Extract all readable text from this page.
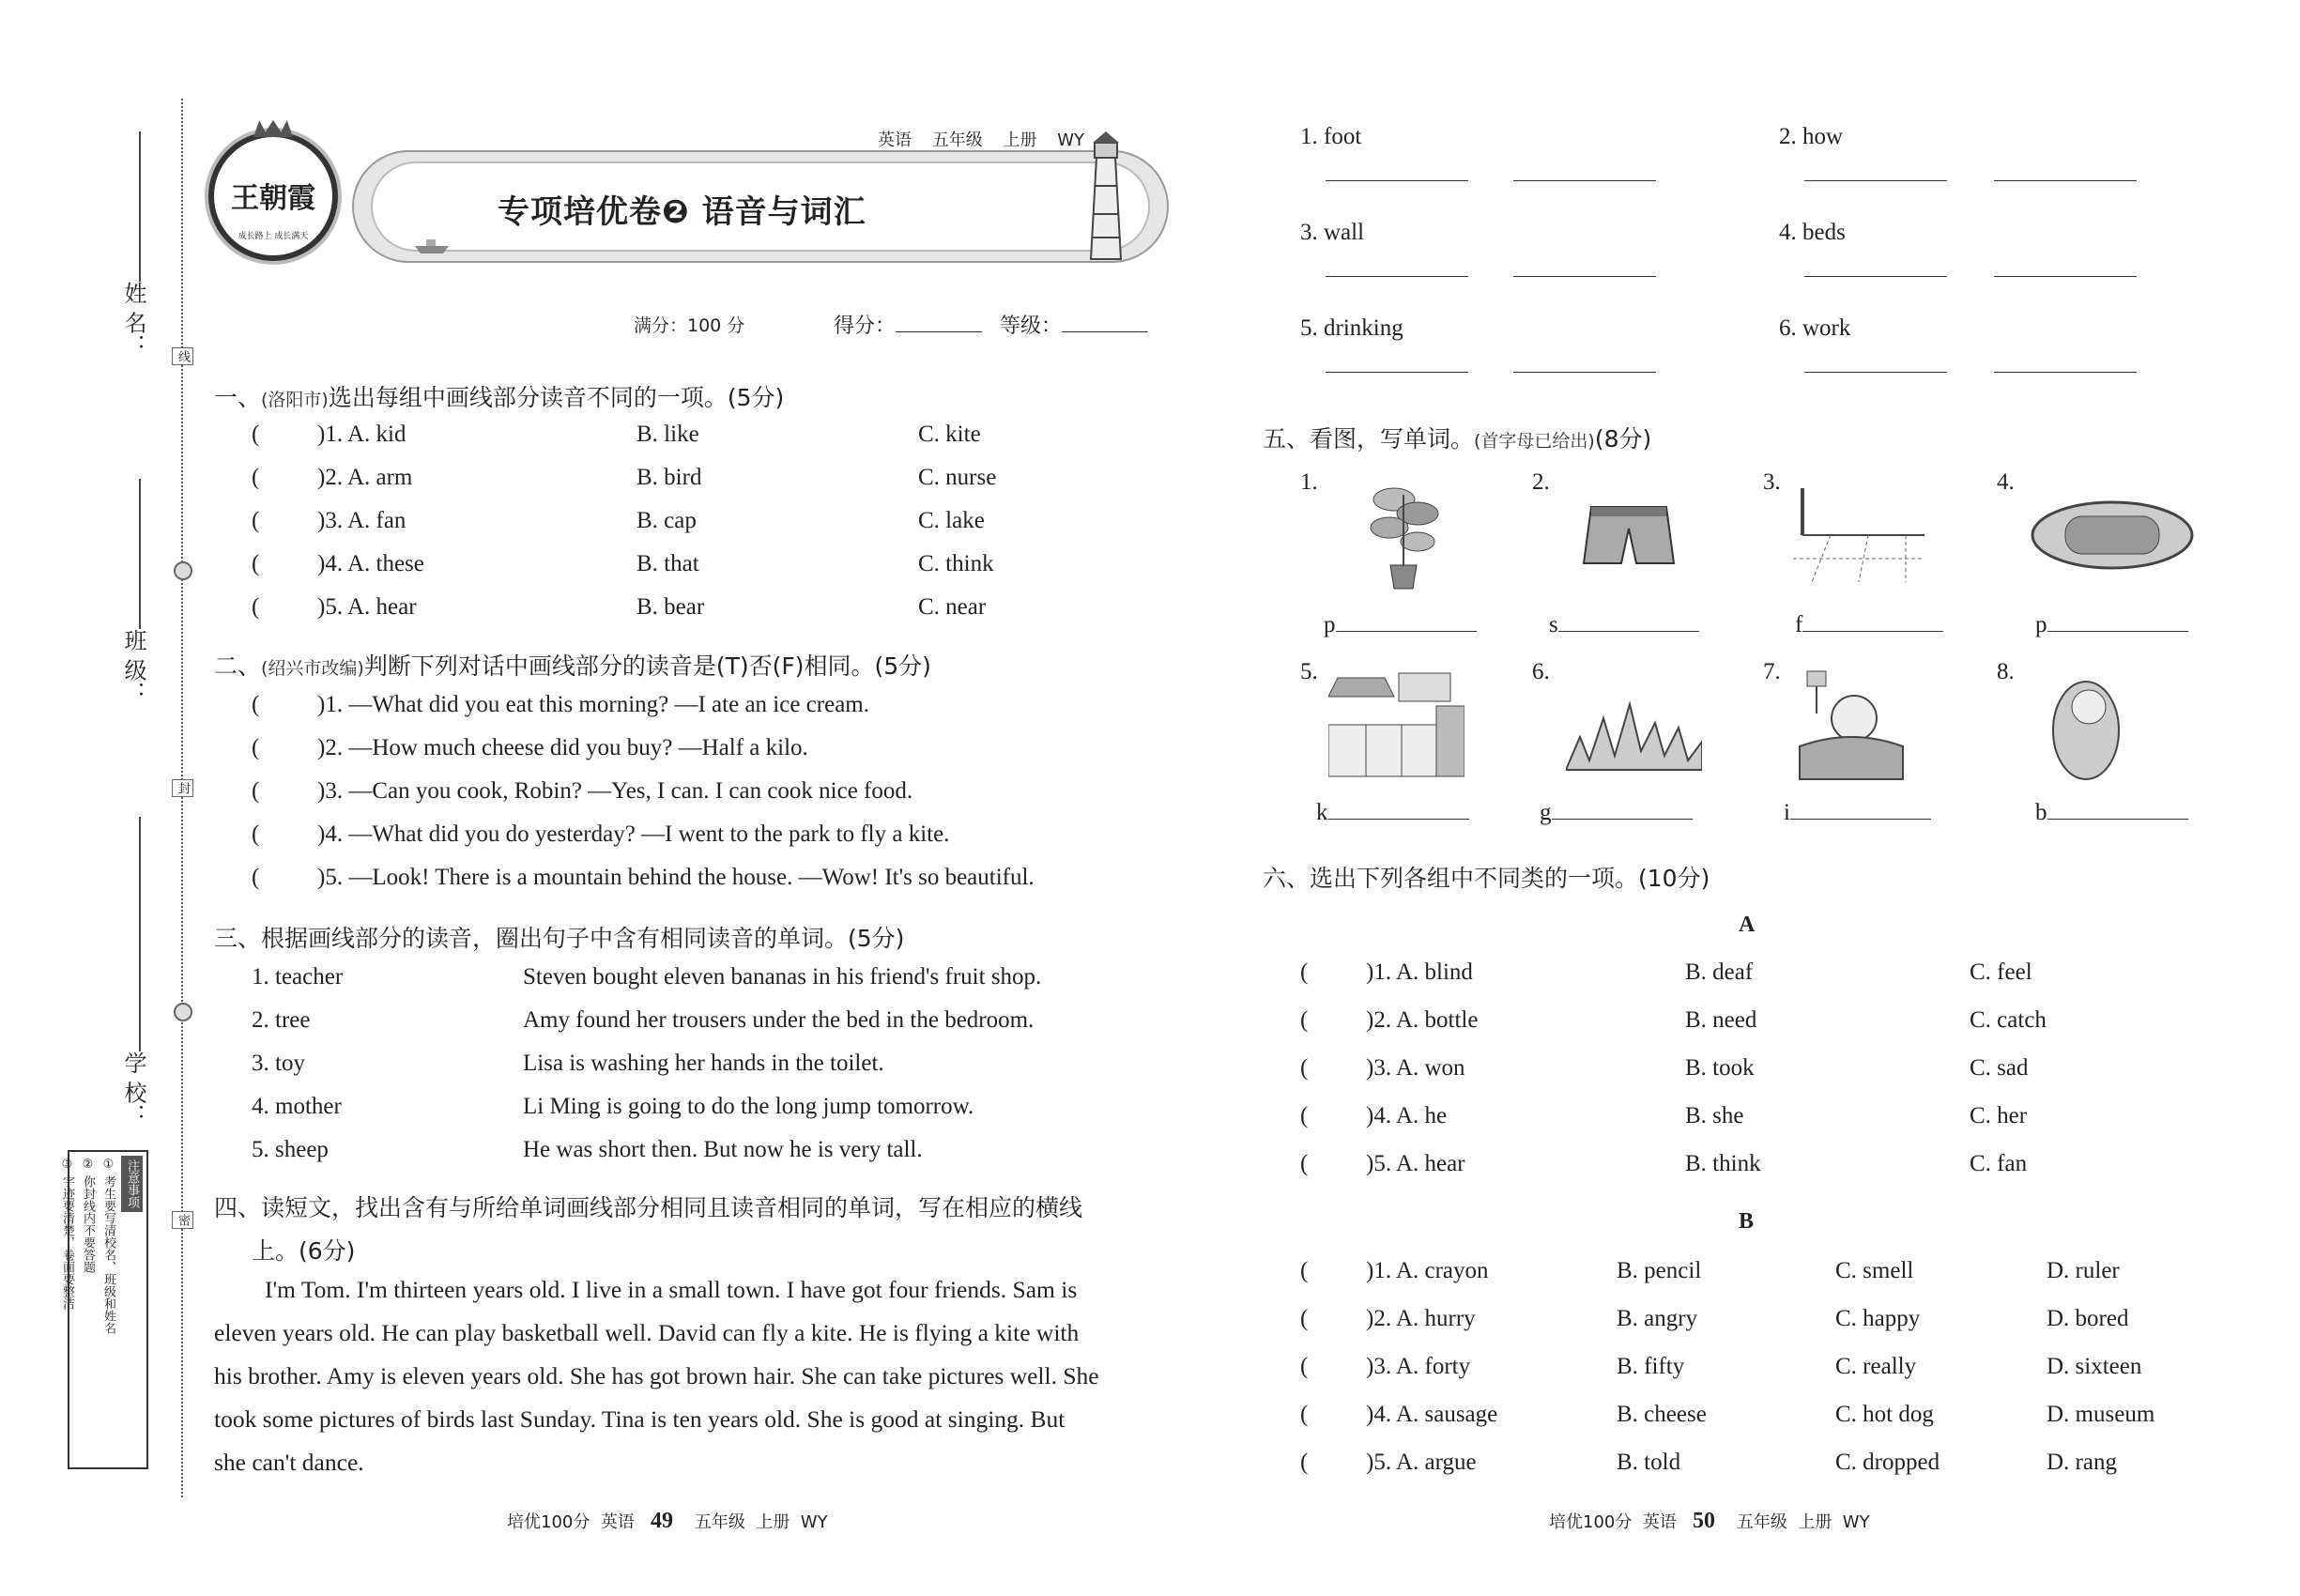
姓 名：
班 级：
学 校：
线
封
密
注意事项
① 考生要写清校名、班级和姓名
② 你封线内不要答题
③ 字迹要清楚，卷面要整洁
王朝霞
成长路上 成长满天
英语 五年级 上册 WY
专项培优卷❷ 语音与词汇
满分：100 分	得分：	等级：
一、(洛阳市)选出每组中画线部分读音不同的一项。(5分)
( )1. A. kid	B. like	C. kite
( )2. A. arm	B. bird	C. nurse
( )3. A. fan	B. cap	C. lake
( )4. A. these	B. that	C. think
( )5. A. hear	B. bear	C. near
二、(绍兴市改编)判断下列对话中画线部分的读音是(T)否(F)相同。(5分)
( )1. —What did you eat this morning? —I ate an ice cream.
( )2. —How much cheese did you buy? —Half a kilo.
( )3. —Can you cook, Robin? —Yes, I can. I can cook nice food.
( )4. —What did you do yesterday? —I went to the park to fly a kite.
( )5. —Look! There is a mountain behind the house. —Wow! It's so beautiful.
三、根据画线部分的读音，圈出句子中含有相同读音的单词。(5分)
1. teacher	Steven bought eleven bananas in his friend's fruit shop.
2. tree	Amy found her trousers under the bed in the bedroom.
3. toy	Lisa is washing her hands in the toilet.
4. mother	Li Ming is going to do the long jump tomorrow.
5. sheep	He was short then. But now he is very tall.
四、读短文，找出含有与所给单词画线部分相同且读音相同的单词，写在相应的横线
上。(6分)
I'm Tom. I'm thirteen years old. I live in a small town. I have got four friends. Sam is
eleven years old. He can play basketball well. David can fly a kite. He is flying a kite with
his brother. Amy is eleven years old. She has got brown hair. She can take pictures well. She
took some pictures of birds last Sunday. Tina is ten years old. She is good at singing. But
she can't dance.
培优100分 英语 49 五年级 上册 WY
1. foot	2. how
3. wall	4. beds
5. drinking	6. work
五、看图，写单词。(首字母已给出)(8分)
1.
p
2.
s
3.
f
4.
p
5.
k
6.
g
7.
i
8.
b
六、选出下列各组中不同类的一项。(10分)
A
( )1. A. blind	B. deaf	C. feel
( )2. A. bottle	B. need	C. catch
( )3. A. won	B. took	C. sad
( )4. A. he	B. she	C. her
( )5. A. hear	B. think	C. fan
B
( )1. A. crayon	B. pencil	C. smell	D. ruler
( )2. A. hurry	B. angry	C. happy	D. bored
( )3. A. forty	B. fifty	C. really	D. sixteen
( )4. A. sausage	B. cheese	C. hot dog	D. museum
( )5. A. argue	B. told	C. dropped	D. rang
培优100分 英语 50 五年级 上册 WY
